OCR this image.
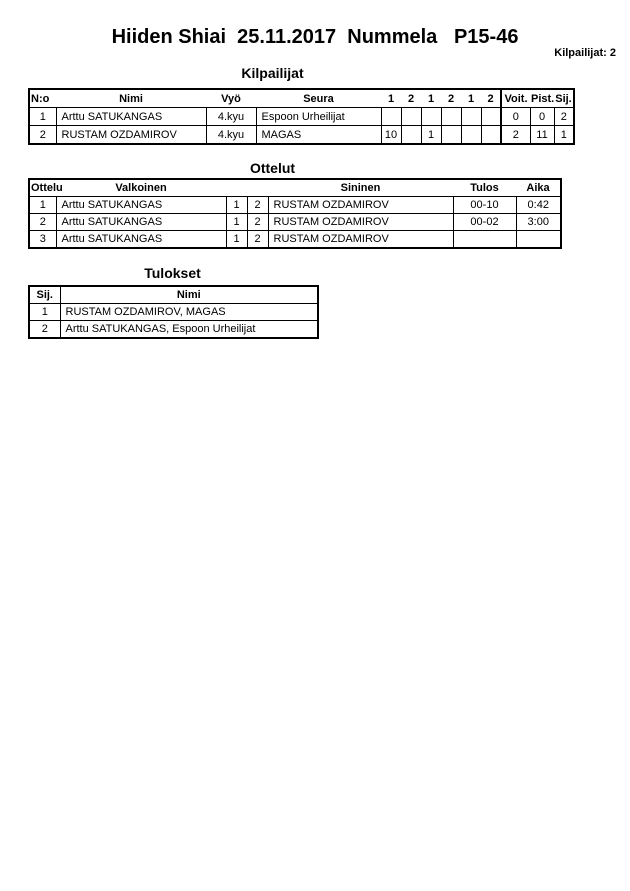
Hiiden Shiai  25.11.2017  Nummela   P15-46
Kilpailijat: 2
Kilpailijat
N:o	Nimi	Vyö	Seura	1	2	1	2	1	2	Voit.	Pist.	Sij.
1	Arttu SATUKANGAS	4.kyu	Espoon Urheilijat							0	0	2
2	RUSTAM OZDAMIROV	4.kyu	MAGAS	10		1				2	11	1
Ottelut
Ottelu	Valkoinen			Sininen	Tulos	Aika
1	Arttu SATUKANGAS	1	2	RUSTAM OZDAMIROV	00-10	0:42
2	Arttu SATUKANGAS	1	2	RUSTAM OZDAMIROV	00-02	3:00
3	Arttu SATUKANGAS	1	2	RUSTAM OZDAMIROV		
Tulokset
Sij.	Nimi
1	RUSTAM OZDAMIROV, MAGAS
2	Arttu SATUKANGAS, Espoon Urheilijat
